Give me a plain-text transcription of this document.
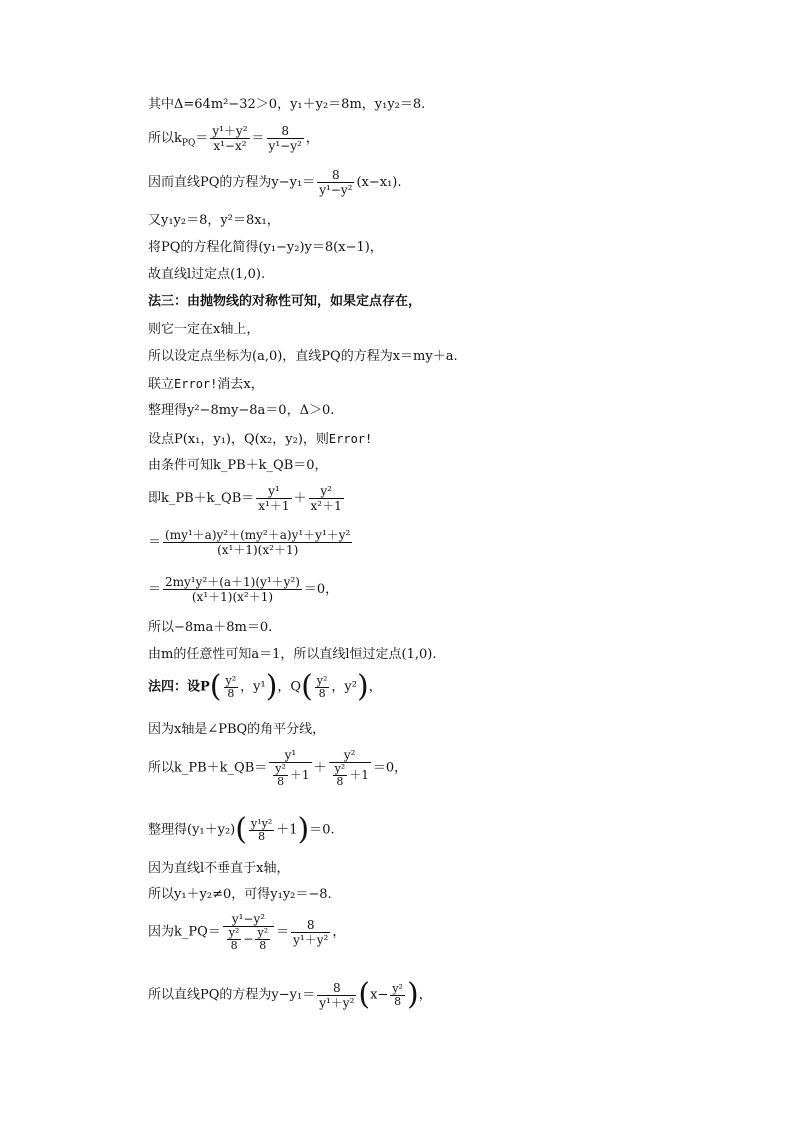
其中Δ=64m²−32＞0，y₁＋y₂＝8m，y₁y₂＝8.
所以$k_{PQ}= \frac{\text{y¹＋y²}}{\text{x¹−x²}} = \frac{8}{\text{y¹−y²}}$ ，
因而直线PQ的方程为$y-y_1= \frac{8}{\text{y¹−y²}} (x-x_1)$.
又y₁y₂＝8，y²＝8x₁，
将PQ的方程化简得(y₁−y₂)y＝8(x−1)，
故直线l过定点(1,0).
法三：由抛物线的对称性可知，如果定点存在，
则它一定在x轴上，
所以设定点坐标为(a,0)，直线PQ的方程为x＝my＋a.
联立Error!消去x，
整理得y²−8my−8a＝0，Δ＞0.
设点P(x₁，y₁)，Q(x₂，y₂)，则Error!
由条件可知k_PB＋k_QB＝0，
即k_PB＋k_QB＝ $\frac{\text{y¹}}{\text{x¹＋1}} + \frac{\text{y²}}{\text{x²＋1}}$
＝ $\frac{\text{(my¹＋a)y²＋(my²＋a)y¹＋y¹＋y²}}{\text{(x¹＋1)(x²＋1)}}$
＝ $\frac{\text{2my¹y²＋(a＋1)(y¹＋y²)}}{\text{(x¹＋1)(x²＋1)}} =0$，
所以−8ma＋8m＝0.
由m的任意性可知a＝1，所以直线l恒过定点(1,0).
法四：设$P( \frac{\text{y²}}{8}$ ，y¹)，$Q( \frac{\text{y²}}{8}$ ，y²)，
因为x轴是∠PBQ的角平分线，
所以k_PB＋k_QB＝ $\frac{\text{y¹}}{\frac{\text{y²}}{8} +1} + \frac{\text{y²}}{\frac{\text{y²}}{8} +1} =0$，
整理得$(y_1+y_2)( \frac{\text{y¹y²}}{8} +1)=0$.
因为直线l不垂直于x轴，
所以y₁＋y₂≠0，可得y₁y₂＝−8.
因为k_PQ＝ $\frac{\text{y¹−y²}}{\frac{\text{y²}}{8} - \frac{\text{y²}}{8}} = \frac{8}{\text{y¹＋y²}}$ ，
所以直线PQ的方程为$y-y_1= \frac{8}{\text{y¹＋y²}} (x- \frac{\text{y²}}{8}$ )，
